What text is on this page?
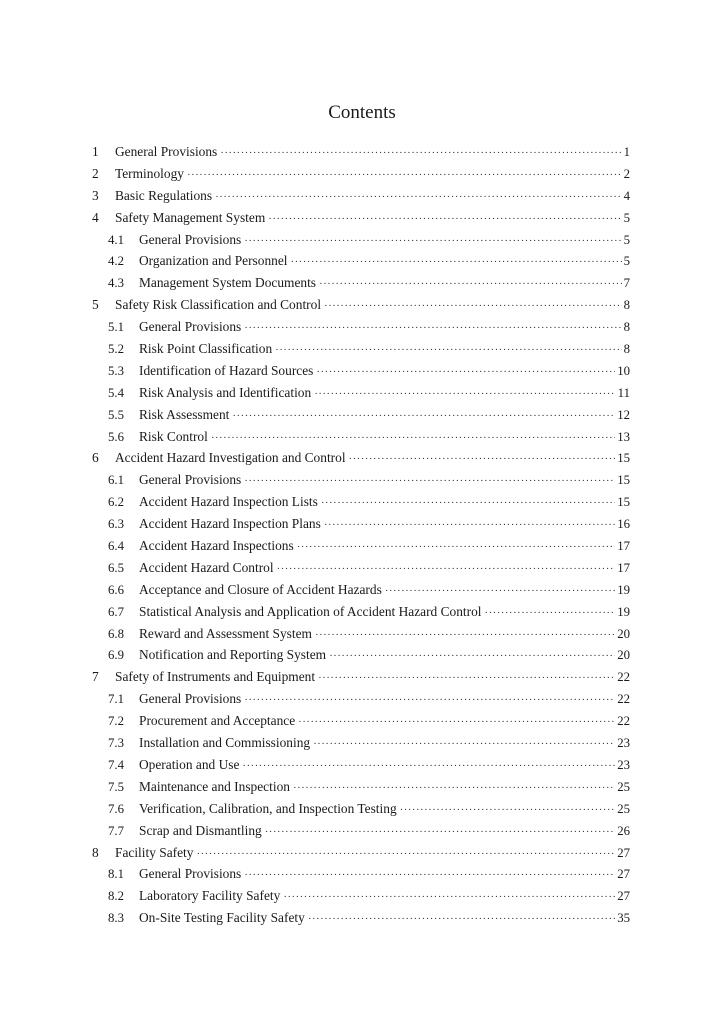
Contents
1	General Provisions ·····	1
2	Terminology ·····	2
3	Basic Regulations ·····	4
4	Safety Management System ·····	5
4.1	General Provisions ·····	5
4.2	Organization and Personnel ·····	5
4.3	Management System Documents ·····	7
5	Safety Risk Classification and Control ·····	8
5.1	General Provisions ·····	8
5.2	Risk Point Classification ·····	8
5.3	Identification of Hazard Sources ·····	10
5.4	Risk Analysis and Identification ·····	11
5.5	Risk Assessment ·····	12
5.6	Risk Control ·····	13
6	Accident Hazard Investigation and Control ·····	15
6.1	General Provisions ·····	15
6.2	Accident Hazard Inspection Lists ·····	15
6.3	Accident Hazard Inspection Plans ·····	16
6.4	Accident Hazard Inspections ·····	17
6.5	Accident Hazard Control ·····	17
6.6	Acceptance and Closure of Accident Hazards ·····	19
6.7	Statistical Analysis and Application of Accident Hazard Control ·····	19
6.8	Reward and Assessment System ·····	20
6.9	Notification and Reporting System ·····	20
7	Safety of Instruments and Equipment ·····	22
7.1	General Provisions ·····	22
7.2	Procurement and Acceptance ·····	22
7.3	Installation and Commissioning ·····	23
7.4	Operation and Use ·····	23
7.5	Maintenance and Inspection ·····	25
7.6	Verification, Calibration, and Inspection Testing ·····	25
7.7	Scrap and Dismantling ·····	26
8	Facility Safety ·····	27
8.1	General Provisions ·····	27
8.2	Laboratory Facility Safety ·····	27
8.3	On-Site Testing Facility Safety ·····	35
